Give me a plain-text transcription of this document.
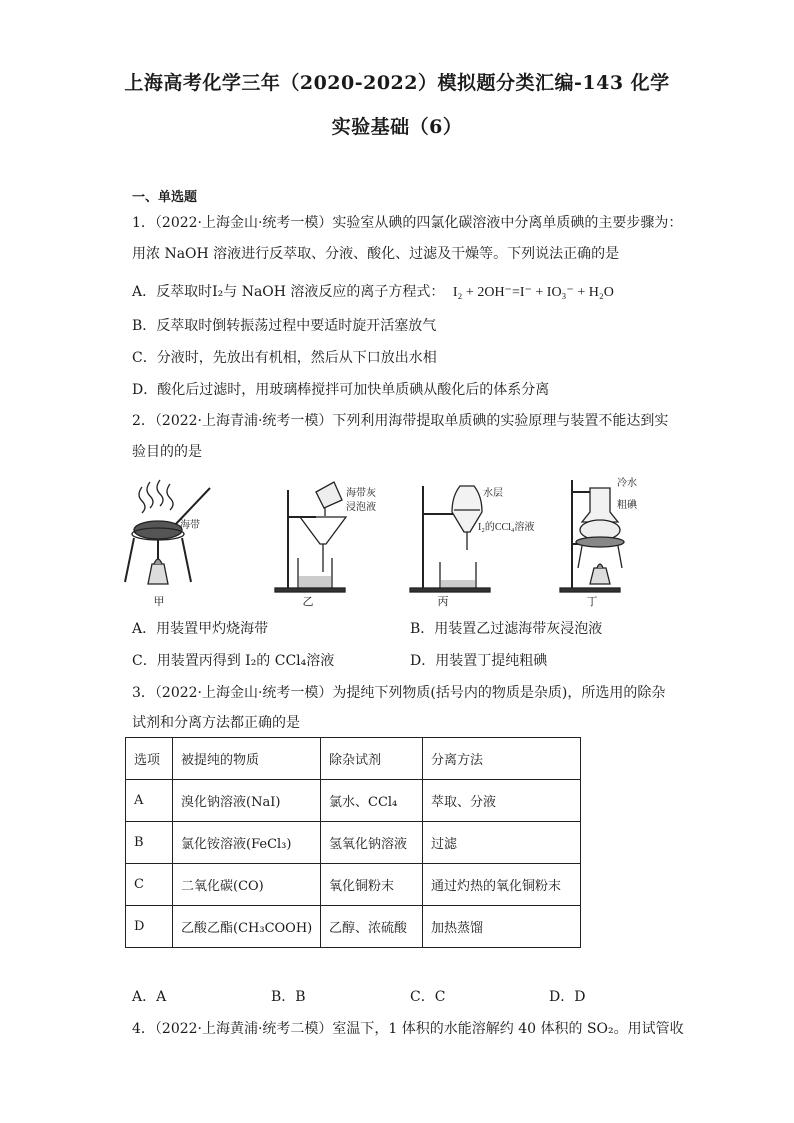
上海高考化学三年（2020-2022）模拟题分类汇编-143 化学
实验基础（6）
一、单选题
1．（2022·上海金山·统考一模）实验室从碘的四氯化碳溶液中分离单质碘的主要步骤为：
用浓 NaOH 溶液进行反萃取、分液、酸化、过滤及干燥等。下列说法正确的是
A．反萃取时I₂与 NaOH 溶液反应的离子方程式： I₂ + 2OH⁻=I⁻ + IO₃⁻ + H₂O
B．反萃取时倒转振荡过程中要适时旋开活塞放气
C．分液时，先放出有机相，然后从下口放出水相
D．酸化后过滤时，用玻璃棒搅拌可加快单质碘从酸化后的体系分离
2．（2022·上海青浦·统考一模）下列利用海带提取单质碘的实验原理与装置不能达到实
验目的的是
海带
海带灰
浸泡液
水层
I₂的CCl₄溶液
冷水
粗碘
甲	乙	丙	丁
A．用装置甲灼烧海带	B．用装置乙过滤海带灰浸泡液
C．用装置丙得到 I₂的 CCl₄溶液	D．用装置丁提纯粗碘
3．（2022·上海金山·统考一模）为提纯下列物质(括号内的物质是杂质)，所选用的除杂
试剂和分离方法都正确的是
选项	被提纯的物质	除杂试剂	分离方法
A	溴化钠溶液(NaI)	氯水、CCl₄	萃取、分液
B	氯化铵溶液(FeCl₃)	氢氧化钠溶液	过滤
C	二氧化碳(CO)	氧化铜粉末	通过灼热的氧化铜粉末
D	乙酸乙酯(CH₃COOH)	乙醇、浓硫酸	加热蒸馏
A．A	B．B	C．C	D．D
4．（2022·上海黄浦·统考二模）室温下，1 体积的水能溶解约 40 体积的 SO₂。用试管收
